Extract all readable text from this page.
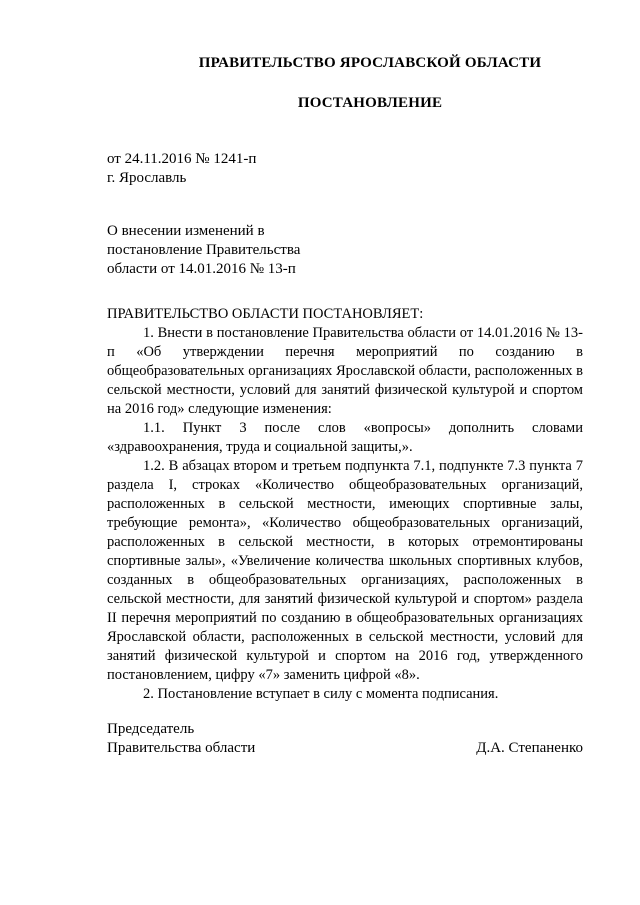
ПРАВИТЕЛЬСТВО ЯРОСЛАВСКОЙ ОБЛАСТИ
ПОСТАНОВЛЕНИЕ
от 24.11.2016 № 1241-п
г. Ярославль
О внесении изменений в
постановление Правительства
области от 14.01.2016 № 13-п

ПРАВИТЕЛЬСТВО ОБЛАСТИ ПОСТАНОВЛЯЕТ:

1. Внести в постановление Правительства области от 14.01.2016 № 13-п «Об утверждении перечня мероприятий по созданию в общеобразовательных организациях Ярославской области, расположенных в сельской местности, условий для занятий физической культурой и спортом на 2016 год» следующие изменения:

1.1. Пункт 3 после слов «вопросы» дополнить словами «здравоохранения, труда и социальной защиты,».

1.2. В абзацах втором и третьем подпункта 7.1, подпункте 7.3 пункта 7 раздела I, строках «Количество общеобразовательных организаций, расположенных в сельской местности, имеющих спортивные залы, требующие ремонта», «Количество общеобразовательных организаций, расположенных в сельской местности, в которых отремонтированы спортивные залы», «Увеличение количества школьных спортивных клубов, созданных в общеобразовательных организациях, расположенных в сельской местности, для занятий физической культурой и спортом» раздела II перечня мероприятий по созданию в общеобразовательных организациях Ярославской области, расположенных в сельской местности, условий для занятий физической культурой и спортом на 2016 год, утвержденного постановлением, цифру «7» заменить цифрой «8».

2. Постановление вступает в силу с момента подписания.

Председатель
Правительства области	Д.А. Степаненко
